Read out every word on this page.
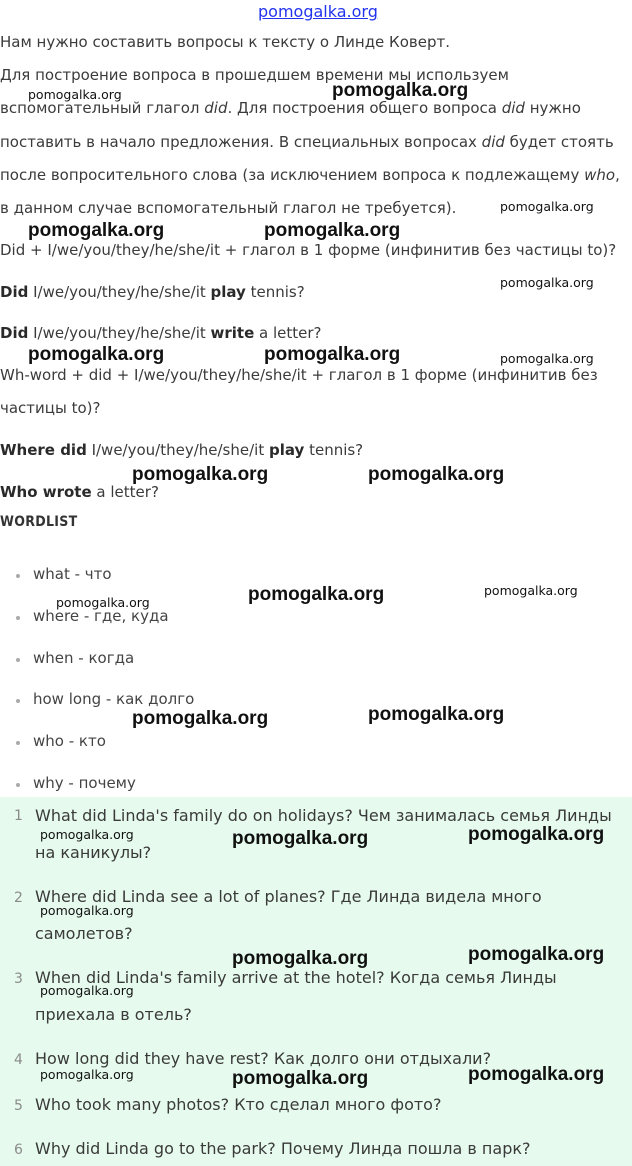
pomogalka.org
Нам нужно составить вопросы к тексту о Линде Коверт.
Для построение вопроса в прошедшем времени мы используем
вспомогательный глагол did. Для построения общего вопроса did нужно
поставить в начало предложения. В специальных вопросах did будет стоять
после вопросительного слова (за исключением вопроса к подлежащему who,
в данном случае вспомогательный глагол не требуется).
Did + I/we/you/they/he/she/it + глагол в 1 форме (инфинитив без частицы to)?
Did I/we/you/they/he/she/it play tennis?
Did I/we/you/they/he/she/it write a letter?
Wh-word + did + I/we/you/they/he/she/it + глагол в 1 форме (инфинитив без
частицы to)?
Where did I/we/you/they/he/she/it play tennis?
Who wrote a letter?
WORDLIST
what - что
where - где, куда
when - когда
how long - как долго
who - кто
why - почему
1 What did Linda's family do on holidays? Чем занималась семья Линды
на каникулы?
2 Where did Linda see a lot of planes? Где Линда видела много
самолетов?
3 When did Linda's family arrive at the hotel? Когда семья Линды
приехала в отель?
4 How long did they have rest? Как долго они отдыхали?
5 Who took many photos? Кто сделал много фото?
6 Why did Linda go to the park? Почему Линда пошла в парк?
pomogalka.org	pomogalka.org
pomogalka.org
pomogalka.org	pomogalka.org
pomogalka.org
pomogalka.org	pomogalka.org	pomogalka.org
pomogalka.org	pomogalka.org
pomogalka.org
pomogalka.org
pomogalka.org
pomogalka.org
pomogalka.org
pomogalka.org	pomogalka.org
pomogalka.org
pomogalka.org
pomogalka.org
pomogalka.org
pomogalka.org
pomogalka.org	pomogalka.org	pomogalka.org
